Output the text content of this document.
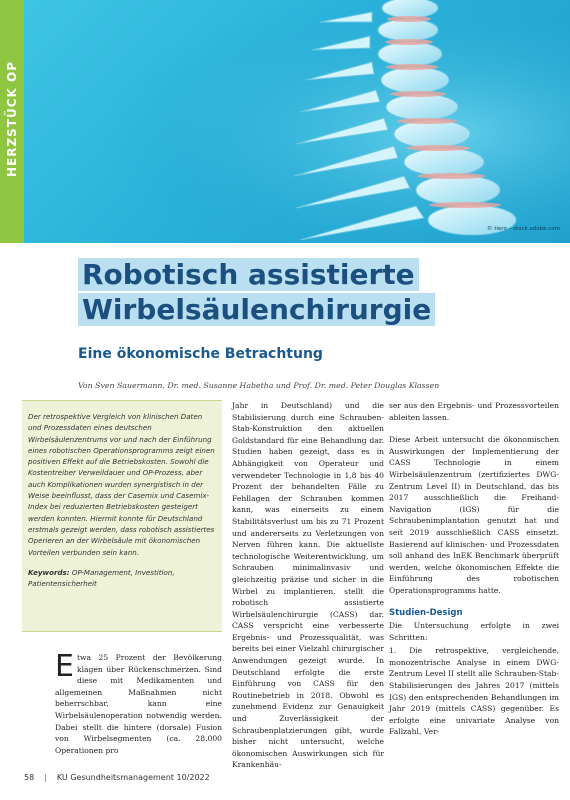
HERZSTÜCK OP
© tiero – stock.adobe.com
Robotisch assistierte
Wirbelsäulenchirurgie
Eine ökonomische Betrachtung
Von Sven Sauermann, Dr. med. Susanne Habetha und Prof. Dr. med. Peter Douglas Klassen

Der retrospektive Vergleich von klinischen Daten und Prozessdaten eines deutschen Wirbelsäulenzentrums vor und nach der Einführung eines robotischen Operationsprogramms zeigt einen positiven Effekt auf die Betriebskosten. Sowohl die Kostentreiber Verweildauer und OP-Prozess, aber auch Komplikationen wurden synergistisch in der Weise beeinflusst, dass der Casemix und Casemix-Index bei reduzierten Betriebskosten gesteigert werden konnten. Hiermit konnte für Deutschland erstmals gezeigt werden, dass robotisch assistiertes Operieren an der Wirbelsäule mit ökonomischen Vorteilen verbunden sein kann.

Keywords: OP-Management, Investition, Patientensicherheit

Etwa 25 Prozent der Bevölkerung klagen über Rückenschmerzen. Sind diese mit Medikamenten und allgemeinen Maßnahmen nicht beherrschbar, kann eine Wirbelsäulenoperation notwendig werden. Dabei stellt die hintere (dorsale) Fusion von Wirbelsegmenten (ca. 28.000 Operationen pro
Jahr in Deutschland) und die Stabilisierung durch eine Schrauben-Stab-Konstruktion den aktuellen Goldstandard für eine Behandlung dar. Studien haben gezeigt, dass es in Abhängigkeit von Operateur und verwendeter Technologie in 1,8 bis 40 Prozent der behandelten Fälle zu Fehllagen der Schrauben kommen kann, was einerseits zu einem Stabilitätsverlust um bis zu 71 Prozent und andererseits zu Verletzungen von Nerven führen kann. Die aktuellste technologische Weiterentwicklung, um Schrauben minimalinvasiv und gleichzeitig präzise und sicher in die Wirbel zu implantieren, stellt die robotisch assistierte Wirbelsäulenchirurgie (CASS) dar. CASS verspricht eine verbesserte Ergebnis- und Prozessqualität, was bereits bei einer Vielzahl chirurgischer Anwendungen gezeigt wurde. In Deutschland erfolgte die erste Einführung von CASS für den Routinebetrieb in 2018. Obwohl es zunehmend Evidenz zur Genauigkeit und Zuverlässigkeit der Schraubenplatzierungen gibt, wurde bisher nicht untersucht, welche ökonomischen Auswirkungen sich für Krankenhäu-

ser aus den Ergebnis- und Prozessvorteilen ableiten lassen.

Diese Arbeit untersucht die ökonomischen Auswirkungen der Implementierung der CASS Technologie in einem Wirbelsäulenzentrum (zertifiziertes DWG-Zentrum Level II) in Deutschland, das bis 2017 ausschließlich die Freihand-Navigation (IGS) für die Schraubenimplantation genutzt hat und seit 2019 ausschließlich CASS einsetzt. Basierend auf klinischen- und Prozessdaten soll anhand des InEK Benchmark überprüft werden, welche ökonomischen Effekte die Einführung des robotischen Operationsprogramms hatte.

Studien-Design

Die Untersuchung erfolgte in zwei Schritten:

1. Die retrospektive, vergleichende, monozentrische Analyse in einem DWG-Zentrum Level II stellt alle Schrauben-Stab-Stabilisierungen des Jahres 2017 (mittels IGS) den entsprechenden Behandlungen im Jahr 2019 (mittels CASS) gegenüber. Es erfolgte eine univariate Analyse von Fallzahl, Ver-

58 | KU Gesundheitsmanagement 10/2022
